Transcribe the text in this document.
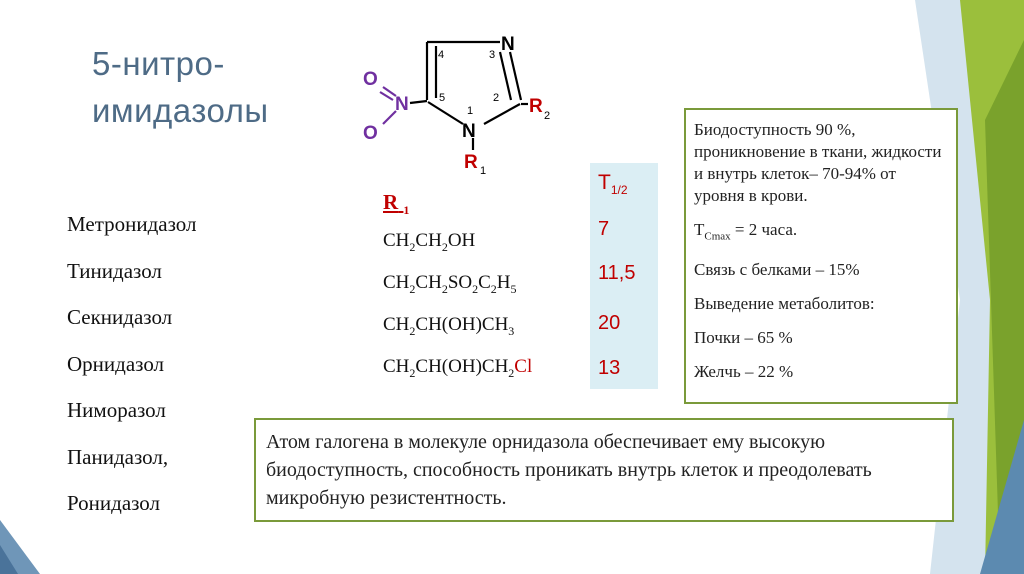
5-нитро-
имидазолы
N
N
N
O
O
4	3
5
1
2 R 2
R 1
Метронидазол
Тинидазол
Секнидазол
Орнидазол
Ниморазол
Панидазол,
Ронидазол
R $_1$
$CH_2CH_2OH$
$CH_2CH_2SO_2C_2H_5$
$CH_2CH(OH)CH_3$
$CH_2CH(OH)CH_2Cl$
$T_{1/2}$
7
11,5
20
13

Биодоступность 90 %, проникновение в ткани, жидкости и внутрь клеток– 70-94% от уровня в крови.

$T_{Cmax} = 2$ часа.

Связь с белками – 15%

Выведение метаболитов:

Почки – 65 %

Желчь – 22 %

Атом галогена в молекуле орнидазола обеспечивает ему высокую биодоступность, способность проникать внутрь клеток и преодолевать микробную резистентность.
